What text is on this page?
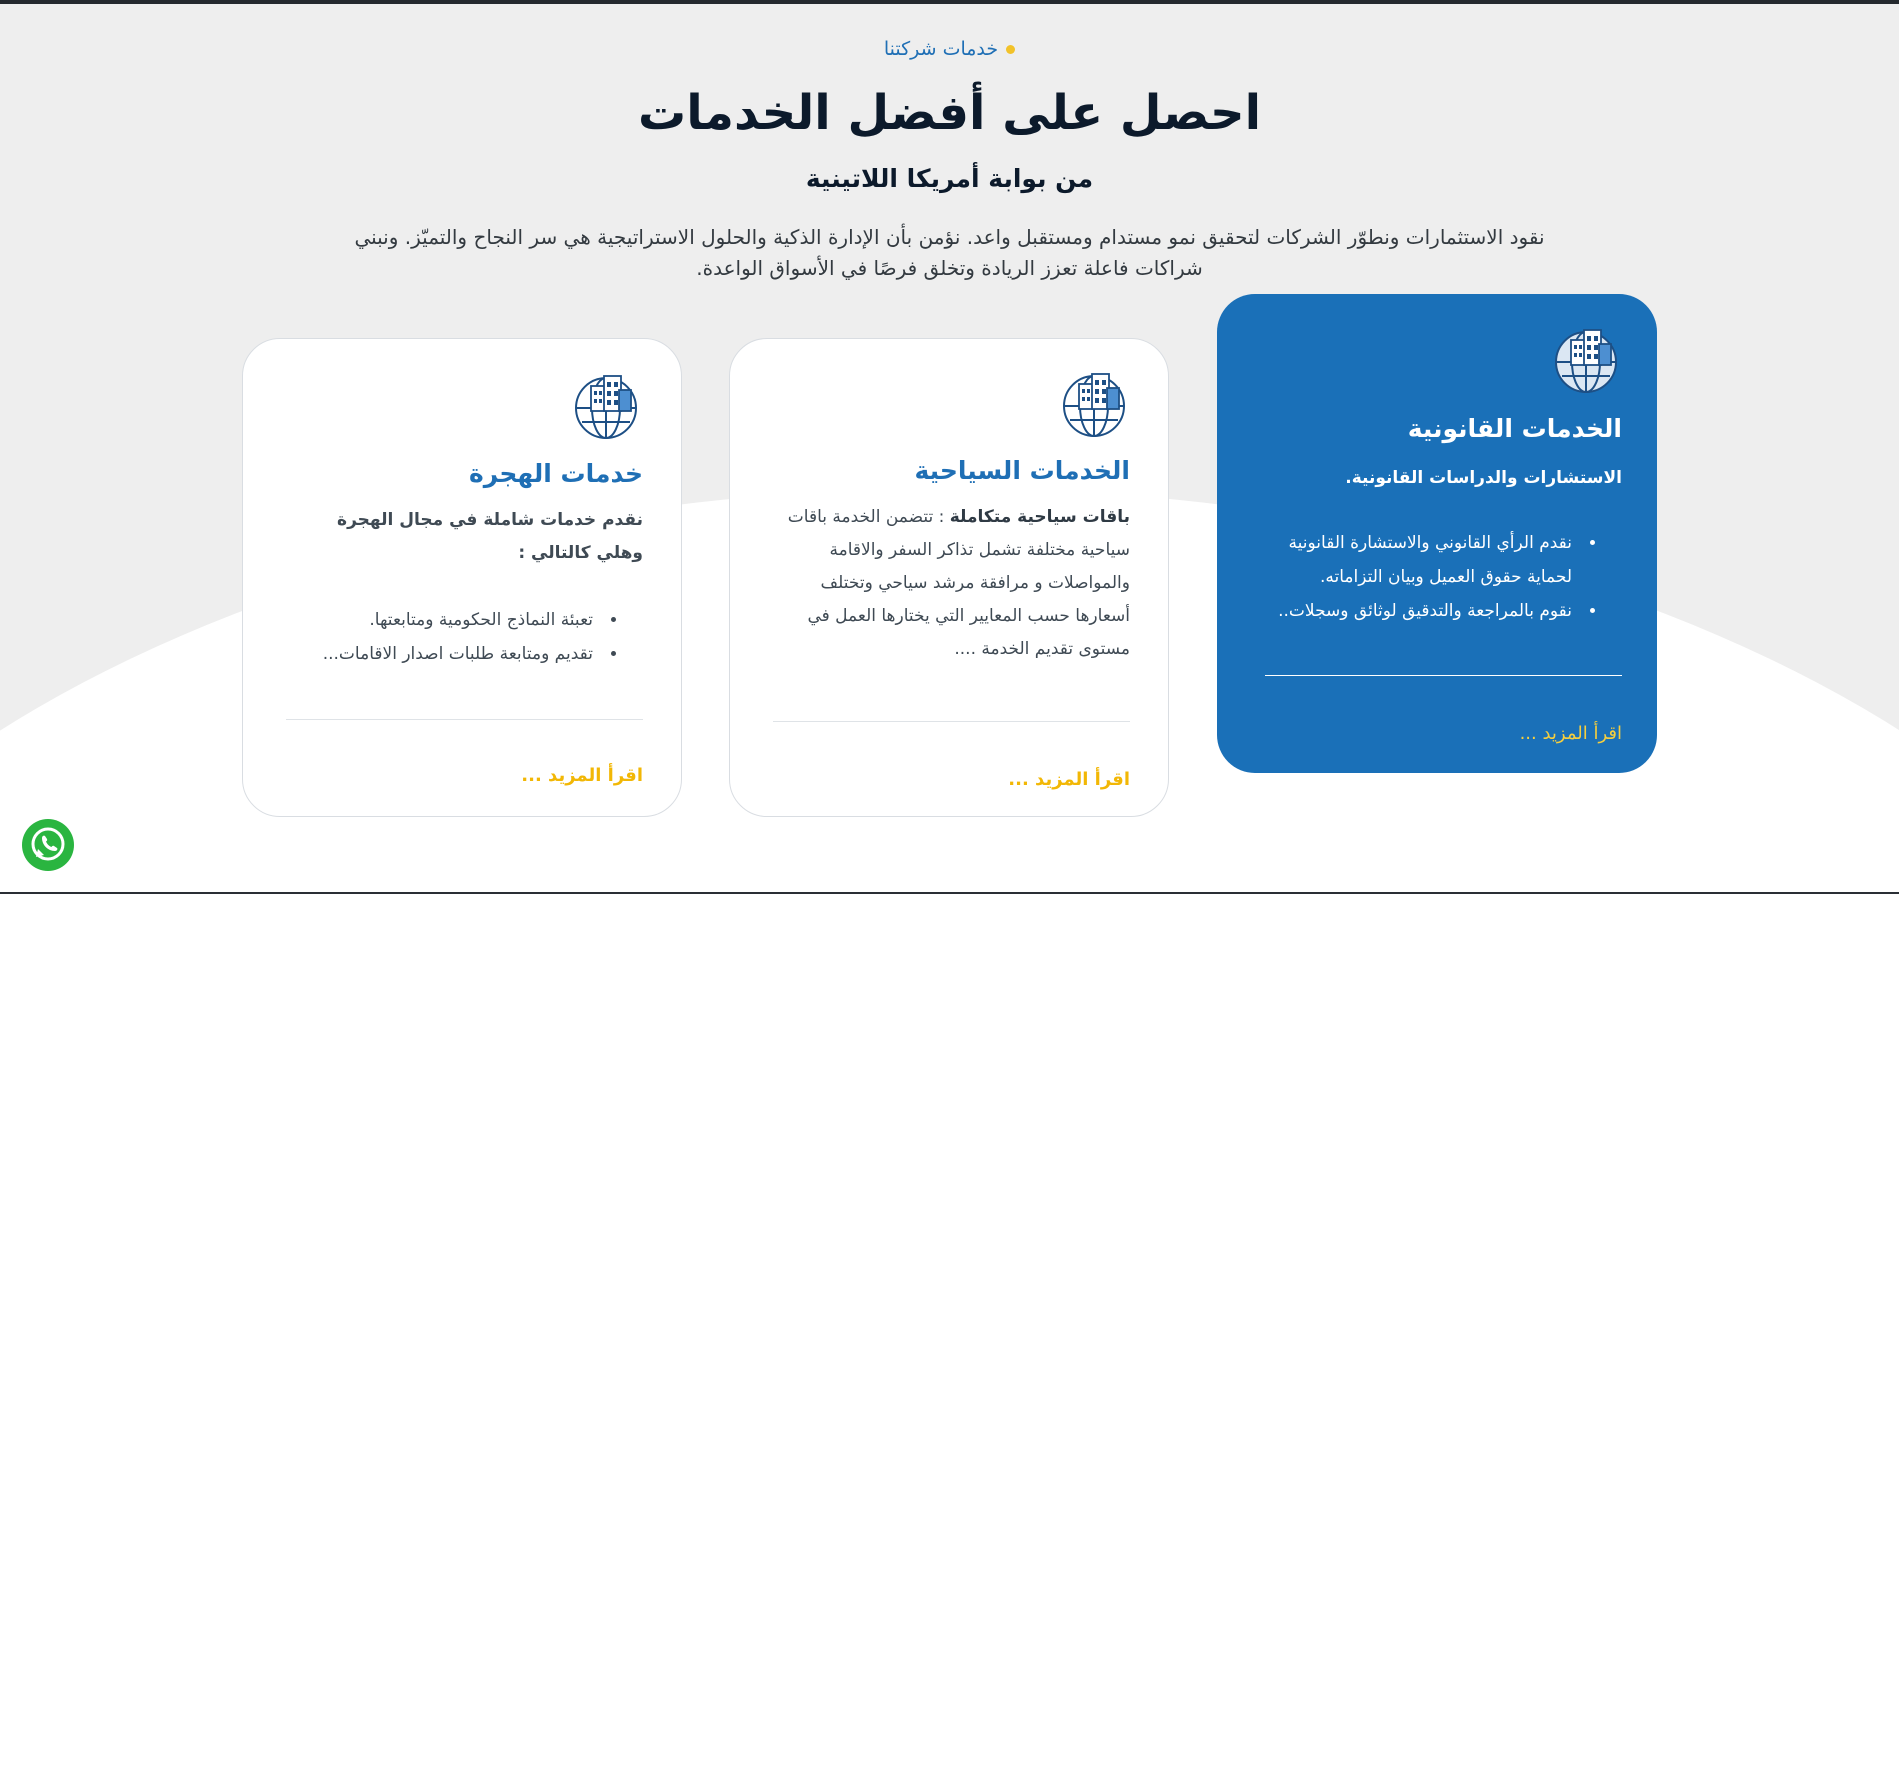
خدمات شركتنا
احصل على أفضل الخدمات
من بوابة أمريكا اللاتينية
نقود الاستثمارات ونطوّر الشركات لتحقيق نمو مستدام ومستقبل واعد. نؤمن بأن الإدارة الذكية والحلول الاستراتيجية هي سر النجاح والتميّز. ونبني شراكات فاعلة تعزز الريادة وتخلق فرصًا في الأسواق الواعدة.
الخدمات القانونية
الاستشارات والدراسات القانونية.
• نقدم الرأي القانوني والاستشارة القانونية لحماية حقوق العميل وبيان التزاماته.
• نقوم بالمراجعة والتدقيق لوثائق وسجلات..
اقرأ المزيد ...
الخدمات السياحية
باقات سياحية متكاملة : تتضمن الخدمة باقات سياحية مختلفة تشمل تذاكر السفر والاقامة والمواصلات و مرافقة مرشد سياحي وتختلف أسعارها حسب المعايير التي يختارها العمل في مستوى تقديم الخدمة ....
اقرأ المزيد ...
خدمات الهجرة
نقدم خدمات شاملة في مجال الهجرة وهلي كالتالي :
• تعبئة النماذج الحكومية ومتابعتها.
• تقديم ومتابعة طلبات اصدار الاقامات...
اقرأ المزيد ...
